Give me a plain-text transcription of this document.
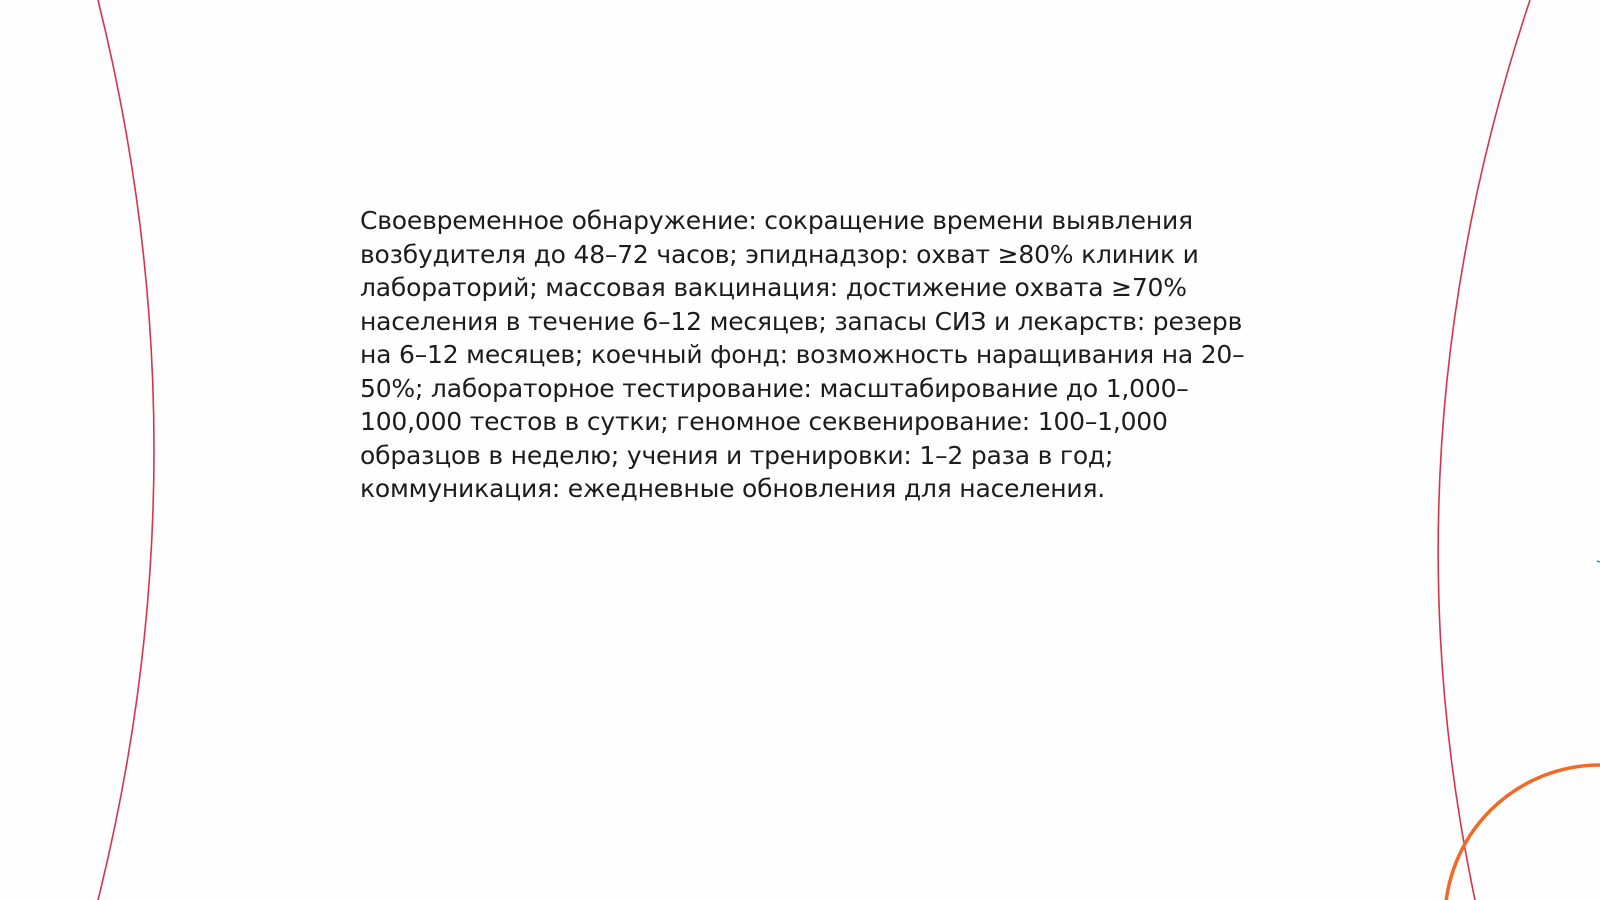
Своевременное обнаружение: сокращение времени выявления возбудителя до 48–72 часов; эпиднадзор: охват ≥80% клиник и лабораторий; массовая вакцинация: достижение охвата ≥70% населения в течение 6–12 месяцев; запасы СИЗ и лекарств: резерв на 6–12 месяцев; коечный фонд: возможность наращивания на 20–50%; лабораторное тестирование: масштабирование до 1,000–100,000 тестов в сутки; геномное секвенирование: 100–1,000 образцов в неделю; учения и тренировки: 1–2 раза в год; коммуникация: ежедневные обновления для населения.
